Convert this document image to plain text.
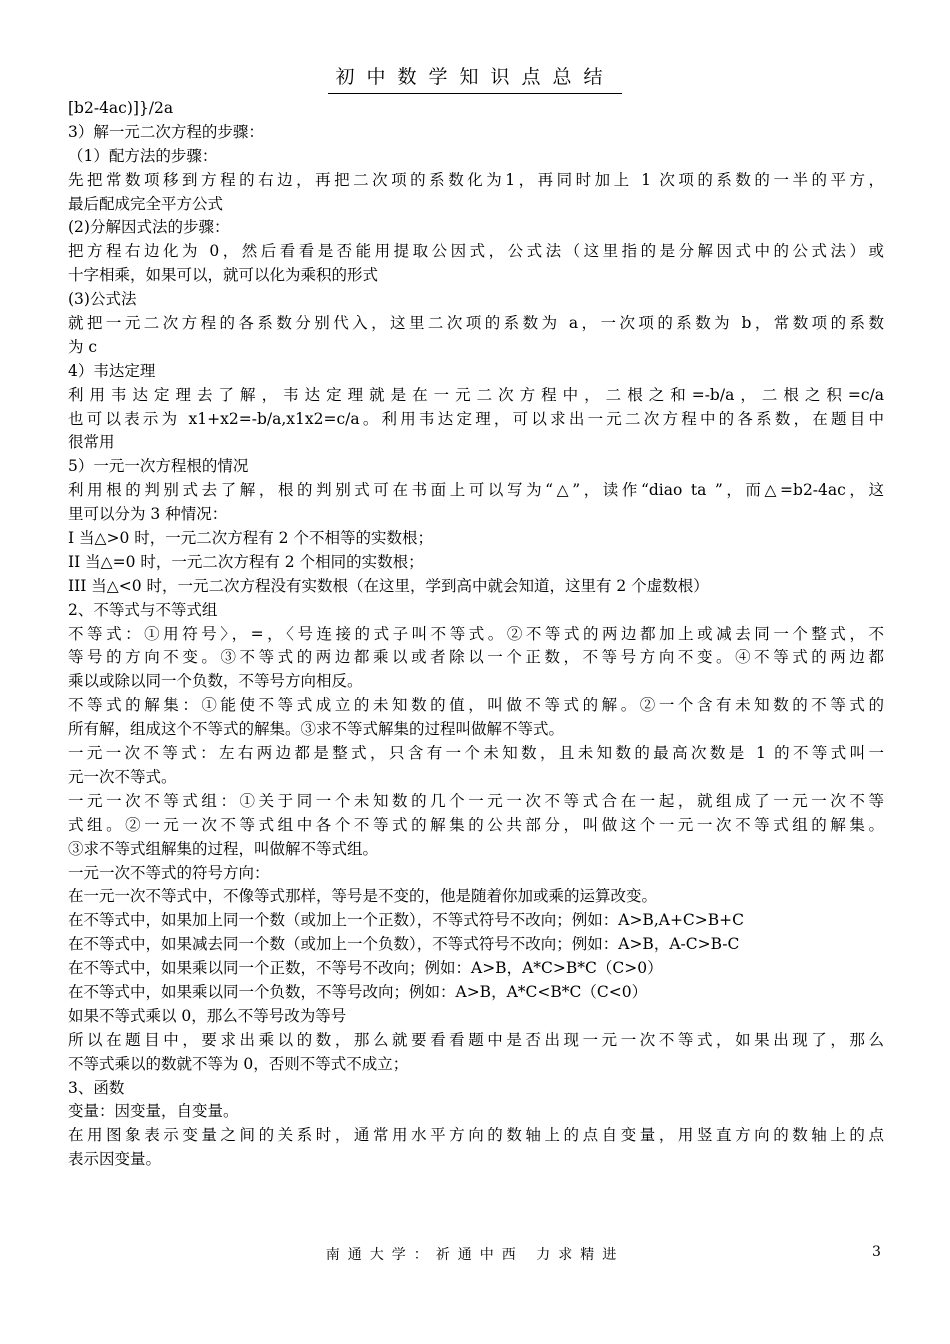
初中数学知识点总结
[b2-4ac)]}/2a
3）解一元二次方程的步骤：
（1）配方法的步骤：
先把常数项移到方程的右边，再把二次项的系数化为1，再同时加上 1 次项的系数的一半的平方，
最后配成完全平方公式
(2)分解因式法的步骤：
把方程右边化为 0，然后看看是否能用提取公因式，公式法（这里指的是分解因式中的公式法）或
十字相乘，如果可以，就可以化为乘积的形式
(3)公式法
就把一元二次方程的各系数分别代入，这里二次项的系数为 a，一次项的系数为 b，常数项的系数
为 c
4）韦达定理
利用韦达定理去了解，韦达定理就是在一元二次方程中，二根之和=-b/a，二根之积=c/a
也可以表示为 x1+x2=-b/a,x1x2=c/a。利用韦达定理，可以求出一元二次方程中的各系数，在题目中
很常用
5）一元一次方程根的情况
利用根的判别式去了解，根的判别式可在书面上可以写为“△”，读作“diao ta ”，而△=b2-4ac，这
里可以分为 3 种情况：
I 当△>0 时，一元二次方程有 2 个不相等的实数根；
II 当△=0 时，一元二次方程有 2 个相同的实数根；
III 当△<0 时，一元二次方程没有实数根（在这里，学到高中就会知道，这里有 2 个虚数根）
2、不等式与不等式组
不等式：①用符号〉，=，〈号连接的式子叫不等式。②不等式的两边都加上或减去同一个整式，不
等号的方向不变。③不等式的两边都乘以或者除以一个正数，不等号方向不变。④不等式的两边都
乘以或除以同一个负数，不等号方向相反。
不等式的解集：①能使不等式成立的未知数的值，叫做不等式的解。②一个含有未知数的不等式的
所有解，组成这个不等式的解集。③求不等式解集的过程叫做解不等式。
一元一次不等式：左右两边都是整式，只含有一个未知数，且未知数的最高次数是 1 的不等式叫一
元一次不等式。
一元一次不等式组：①关于同一个未知数的几个一元一次不等式合在一起，就组成了一元一次不等
式组。②一元一次不等式组中各个不等式的解集的公共部分，叫做这个一元一次不等式组的解集。
③求不等式组解集的过程，叫做解不等式组。
一元一次不等式的符号方向：
在一元一次不等式中，不像等式那样，等号是不变的，他是随着你加或乘的运算改变。
在不等式中，如果加上同一个数（或加上一个正数），不等式符号不改向；例如：A>B,A+C>B+C
在不等式中，如果减去同一个数（或加上一个负数），不等式符号不改向；例如：A>B，A-C>B-C
在不等式中，如果乘以同一个正数，不等号不改向；例如：A>B，A*C>B*C（C>0）
在不等式中，如果乘以同一个负数，不等号改向；例如：A>B，A*C<B*C（C<0）
如果不等式乘以 0，那么不等号改为等号
所以在题目中，要求出乘以的数，那么就要看看题中是否出现一元一次不等式，如果出现了，那么
不等式乘以的数就不等为 0，否则不等式不成立；
3、函数
变量：因变量，自变量。
在用图象表示变量之间的关系时，通常用水平方向的数轴上的点自变量，用竖直方向的数轴上的点
表示因变量。
南通大学：祈通中西 力求精进	3
